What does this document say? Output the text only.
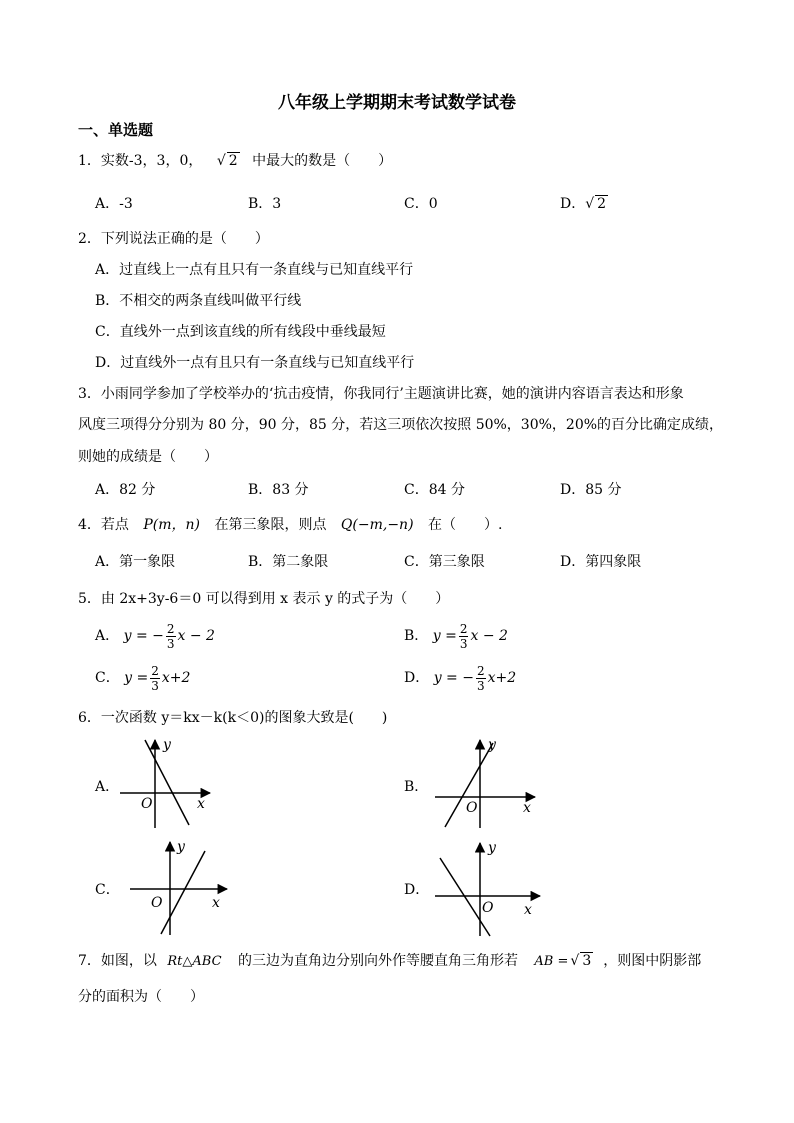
八年级上学期期末考试数学试卷
一、单选题
1．实数-3，3，0， √ 2 中最大的数是（　　）
A．-3	B．3	C．0	D．√ 2
2．下列说法正确的是（　　）
A．过直线上一点有且只有一条直线与已知直线平行
B．不相交的两条直线叫做平行线
C．直线外一点到该直线的所有线段中垂线最短
D．过直线外一点有且只有一条直线与已知直线平行
3．小雨同学参加了学校举办的‘抗击疫情，你我同行’主题演讲比赛，她的演讲内容语言表达和形象
风度三项得分分别为 80 分，90 分，85 分，若这三项依次按照 50%，30%，20%的百分比确定成绩，
则她的成绩是（　　）
A．82 分	B．83 分	C．84 分	D．85 分
4．若点 P(m，n) 在第三象限，则点 Q(−m,−n) 在（　　）.
A．第一象限	B．第二象限	C．第三象限	D．第四象限
5．由 2x+3y-6＝0 可以得到用 x 表示 y 的式子为（　　）
A． y = − $\frac{2}{3}$ x − 2	B． $y = \frac{2}{3}$ x − 2
C． $y = \frac{2}{3} x+2$	D． y = − $\frac{2}{3} x+2$
6．一次函数 y＝kx－k(k＜0)的图象大致是(　　)
A．
y
O	x
B．
y
O	x
C．
y
O	x
D．
y
O x
7．如图，以 Rt△ABC 的三边为直角边分别向外作等腰直角三角形若 AB = √ 3 ，则图中阴影部
分的面积为（　　）
